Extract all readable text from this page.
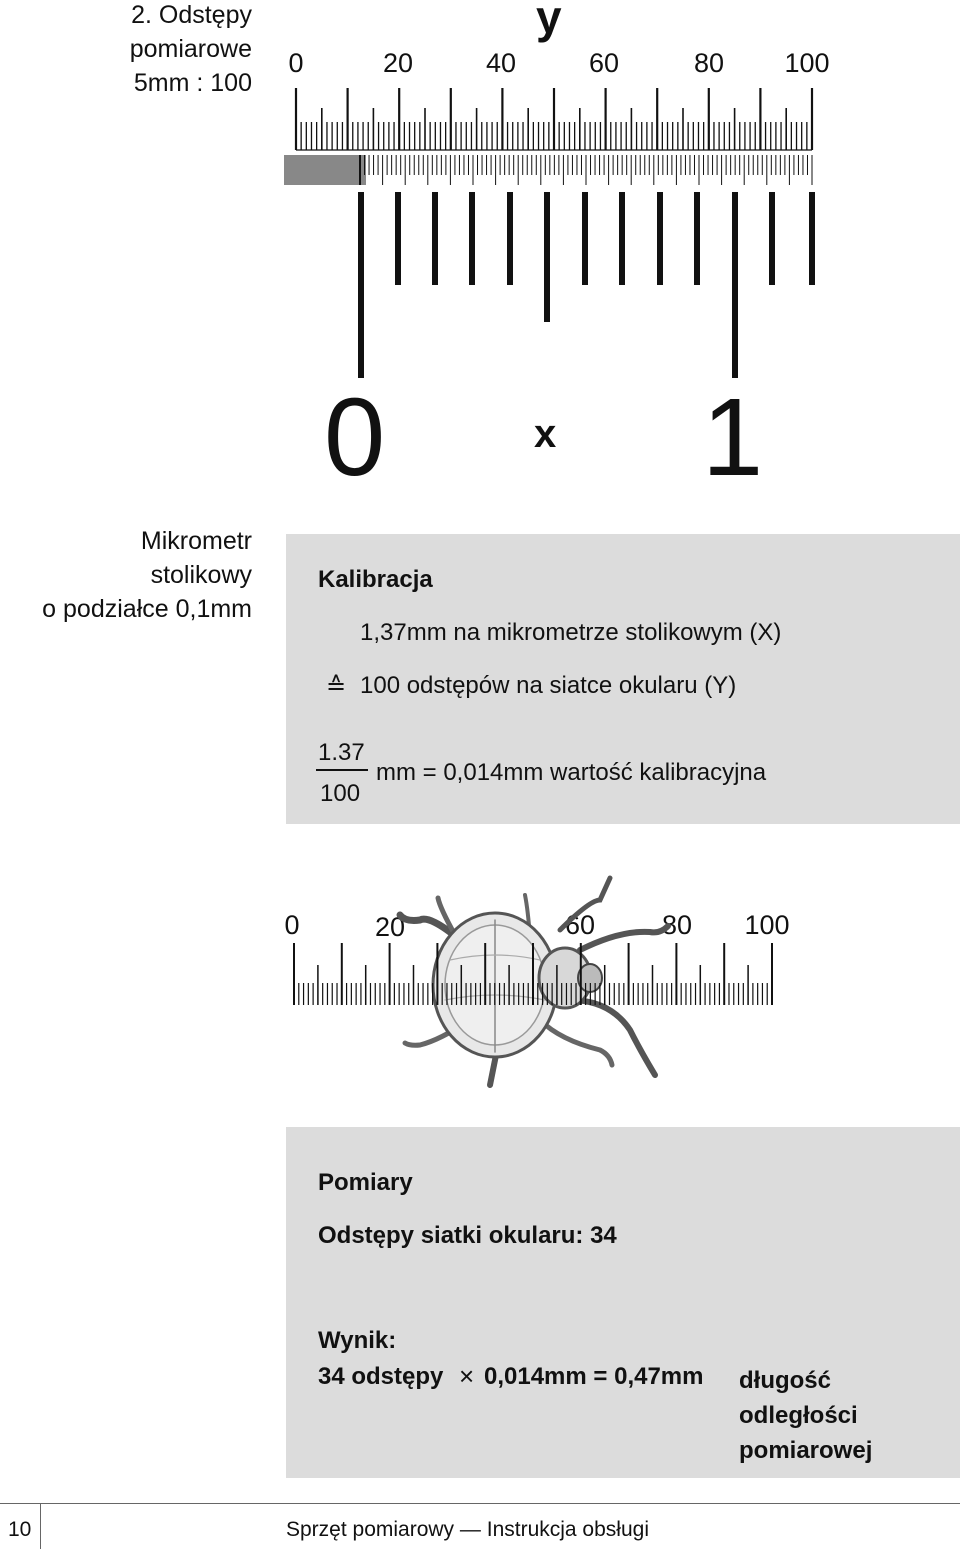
2. Odstępy
pomiarowe
5mm : 100
Mikrometr
stolikowy
o podziałce 0,1mm
y
0	20	40	60	80	100
0	x 1
Kalibracja
1,37mm na mikrometrze stolikowym (X)
≙ 100 odstępów na siatce okularu (Y)
1.37
100
mm = 0,014mm wartość kalibracyjna
0	20	60	80	100
Pomiary
Odstępy siatki okularu: 34
Wynik:
34 odstępy × 0,014mm = 0,47mm długość
odległości
pomiarowej
10	Sprzęt pomiarowy — Instrukcja obsługi
